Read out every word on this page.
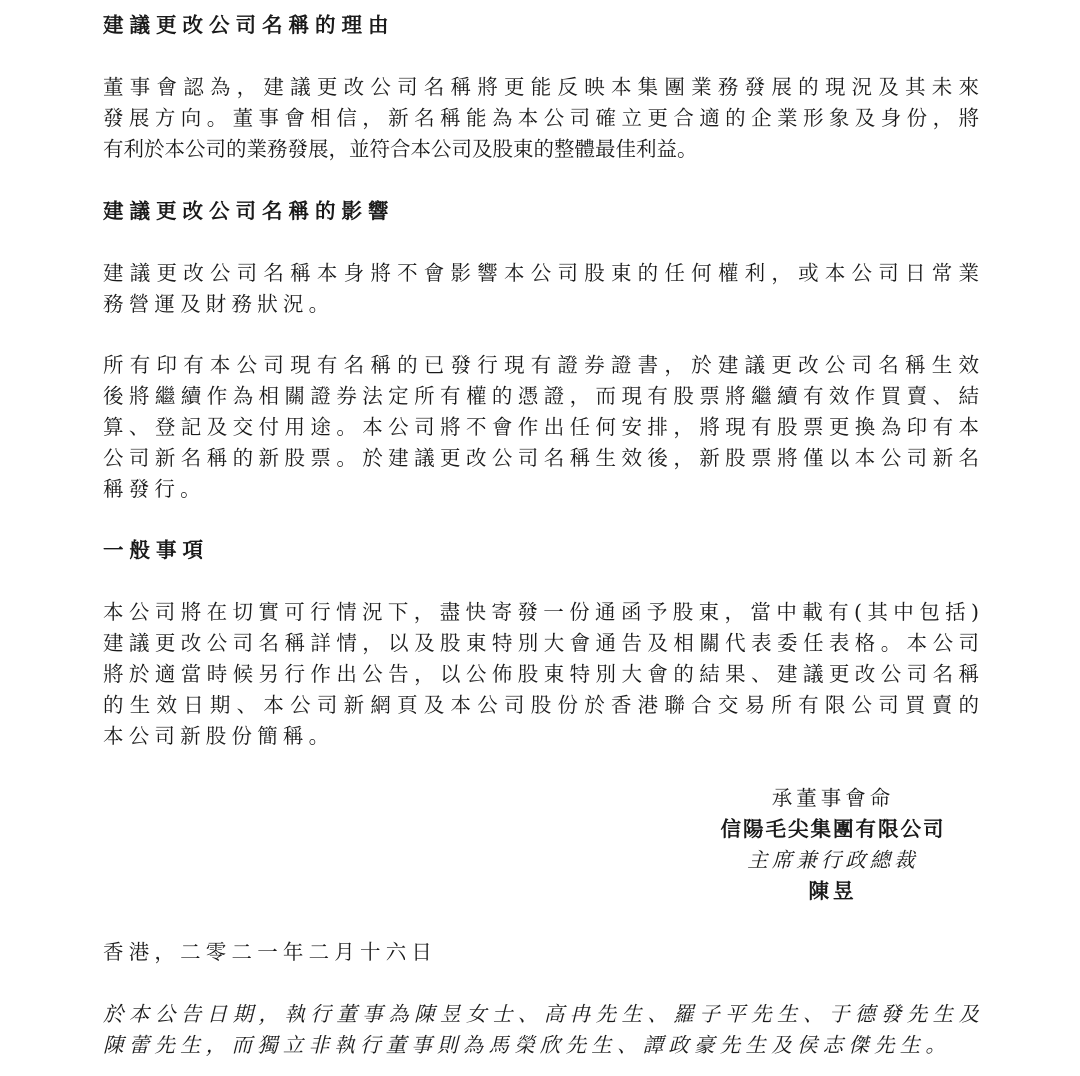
建議更改公司名稱的理由
董事會認為，建議更改公司名稱將更能反映本集團業務發展的現況及其未來
發展方向。董事會相信，新名稱能為本公司確立更合適的企業形象及身份，將
有利於本公司的業務發展，並符合本公司及股東的整體最佳利益。
建議更改公司名稱的影響
建議更改公司名稱本身將不會影響本公司股東的任何權利，或本公司日常業
務營運及財務狀況。
所有印有本公司現有名稱的已發行現有證券證書，於建議更改公司名稱生效
後將繼續作為相關證券法定所有權的憑證，而現有股票將繼續有效作買賣、結
算、登記及交付用途。本公司將不會作出任何安排，將現有股票更換為印有本
公司新名稱的新股票。於建議更改公司名稱生效後，新股票將僅以本公司新名
稱發行。
一般事項
本公司將在切實可行情況下，盡快寄發一份通函予股東，當中載有(其中包括)
建議更改公司名稱詳情，以及股東特別大會通告及相關代表委任表格。本公司
將於適當時候另行作出公告，以公佈股東特別大會的結果、建議更改公司名稱
的生效日期、本公司新網頁及本公司股份於香港聯合交易所有限公司買賣的
本公司新股份簡稱。
承董事會命
信陽毛尖集團有限公司
主席兼行政總裁
陳昱
香港，二零二一年二月十六日
於本公告日期，執行董事為陳昱女士、高冉先生、羅子平先生、于德發先生及
陳蕾先生，而獨立非執行董事則為馬榮欣先生、譚政豪先生及侯志傑先生。
